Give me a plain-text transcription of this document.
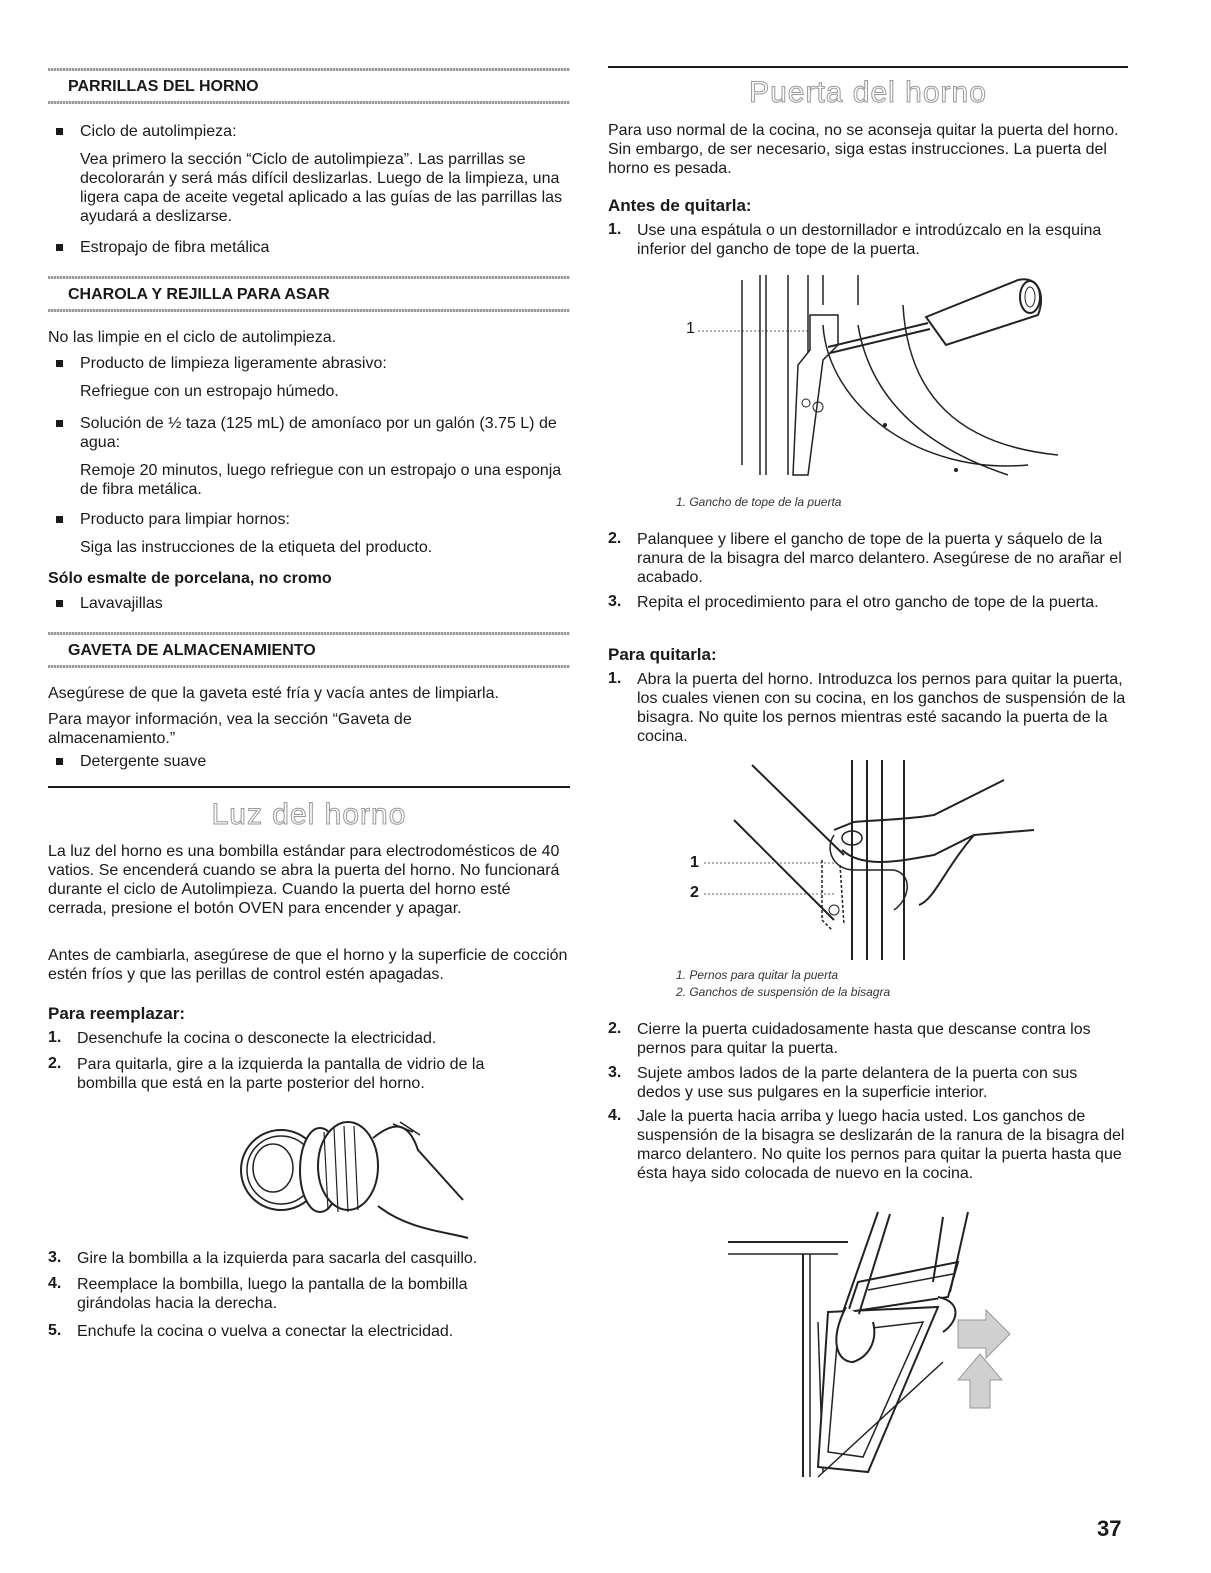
PARRILLAS DEL HORNO

Ciclo de autolimpieza:

Vea primero la sección “Ciclo de autolimpieza”. Las parrillas se decolorarán y será más difícil deslizarlas. Luego de la limpieza, una ligera capa de aceite vegetal aplicado a las guías de las parrillas las ayudará a deslizarse.

Estropajo de fibra metálica

CHAROLA Y REJILLA PARA ASAR

No las limpie en el ciclo de autolimpieza.

Producto de limpieza ligeramente abrasivo:

Refriegue con un estropajo húmedo.

Solución de ½ taza (125 mL) de amoníaco por un galón (3.75 L) de agua:

Remoje 20 minutos, luego refriegue con un estropajo o una esponja de fibra metálica.

Producto para limpiar hornos:

Siga las instrucciones de la etiqueta del producto.

Sólo esmalte de porcelana, no cromo

Lavavajillas

GAVETA DE ALMACENAMIENTO

Asegúrese de que la gaveta esté fría y vacía antes de limpiarla.

Para mayor información, vea la sección “Gaveta de almacenamiento.”

Detergente suave

Luz del horno

La luz del horno es una bombilla estándar para electrodomésticos de 40 vatios. Se encenderá cuando se abra la puerta del horno. No funcionará durante el ciclo de Autolimpieza. Cuando la puerta del horno esté cerrada, presione el botón OVEN para encender y apagar.

Antes de cambiarla, asegúrese de que el horno y la superficie de cocción estén fríos y que las perillas de control estén apagadas.

Para reemplazar:

1. Desenchufe la cocina o desconecte la electricidad.

2. Para quitarla, gire a la izquierda la pantalla de vidrio de la bombilla que está en la parte posterior del horno.

3. Gire la bombilla a la izquierda para sacarla del casquillo.

4. Reemplace la bombilla, luego la pantalla de la bombilla girándolas hacia la derecha.

5. Enchufe la cocina o vuelva a conectar la electricidad.

Puerta del horno

Para uso normal de la cocina, no se aconseja quitar la puerta del horno. Sin embargo, de ser necesario, siga estas instrucciones. La puerta del horno es pesada.

Antes de quitarla:

1. Use una espátula o un destornillador e introdúzcalo en la esquina inferior del gancho de tope de la puerta.

1
1. Gancho de tope de la puerta
2. Palanquee y libere el gancho de tope de la puerta y sáquelo de la ranura de la bisagra del marco delantero. Asegúrese de no arañar el acabado.

3. Repita el procedimiento para el otro gancho de tope de la puerta.

Para quitarla:

1. Abra la puerta del horno. Introduzca los pernos para quitar la puerta, los cuales vienen con su cocina, en los ganchos de suspensión de la bisagra. No quite los pernos mientras esté sacando la puerta de la cocina.

1
2
1. Pernos para quitar la puerta
2. Ganchos de suspensión de la bisagra
2. Cierre la puerta cuidadosamente hasta que descanse contra los pernos para quitar la puerta.

3. Sujete ambos lados de la parte delantera de la puerta con sus dedos y use sus pulgares en la superficie interior.

4. Jale la puerta hacia arriba y luego hacia usted. Los ganchos de suspensión de la bisagra se deslizarán de la ranura de la bisagra del marco delantero. No quite los pernos para quitar la puerta hasta que ésta haya sido colocada de nuevo en la cocina.

37
